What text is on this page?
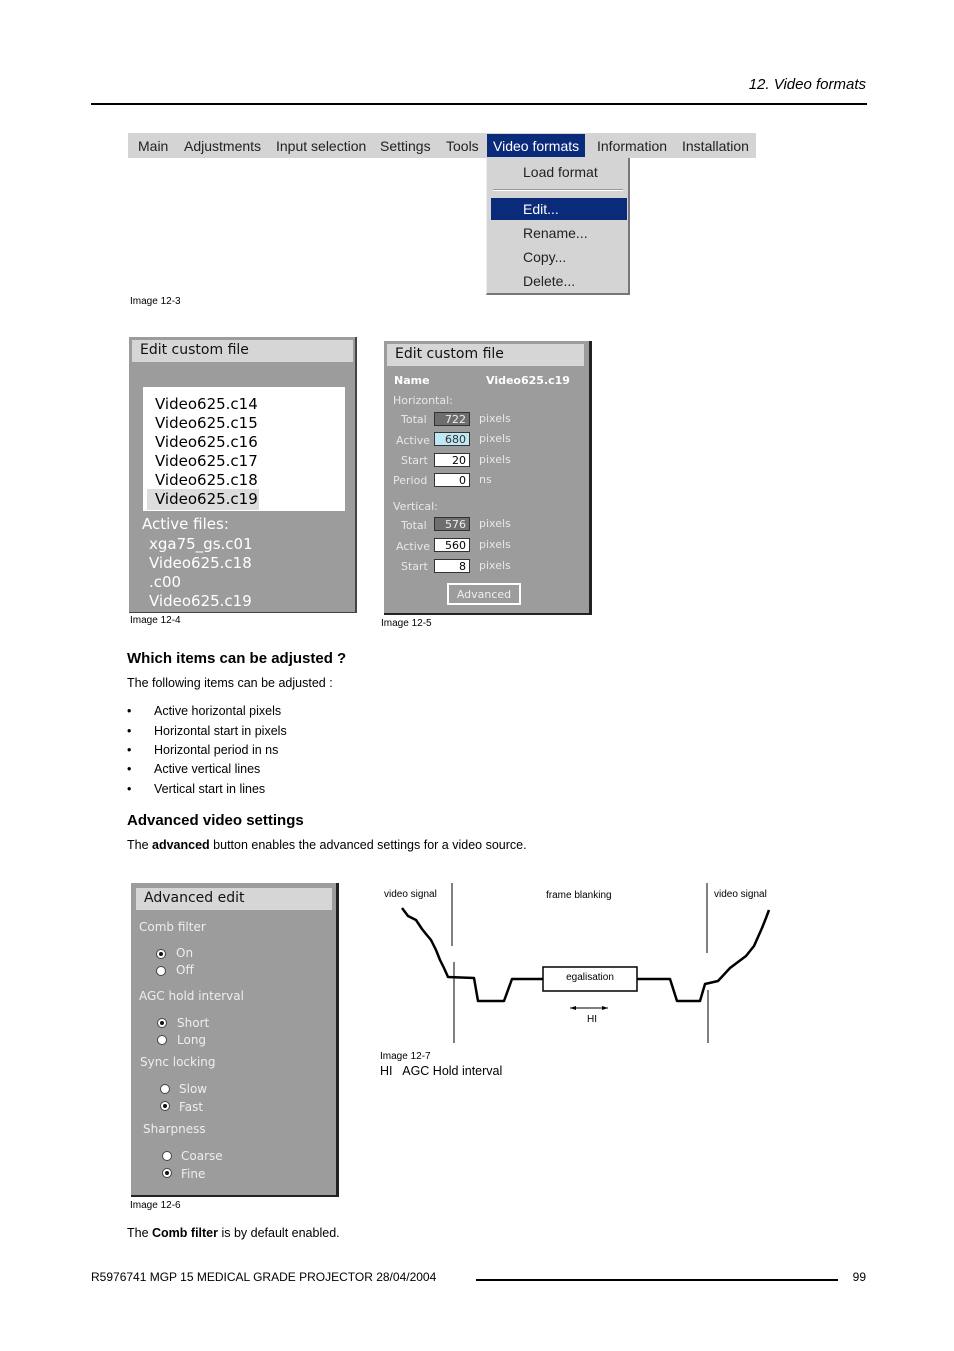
12. Video formats
Main Adjustments Input selection Settings Tools	Video formats	Information Installation
Load format
Edit...
Rename...
Copy...
Delete...
Image 12-3
Edit custom file
Video625.c14
Video625.c15
Video625.c16
Video625.c17
Video625.c18
Video625.c19
Active files:
xga75_gs.c01
Video625.c18
.c00
Video625.c19
Image 12-4
Edit custom file
Name	Video625.c19
Horizontal:
Total	722	pixels
Active	680	pixels
Start	20	pixels
Period	0	ns
Vertical:
Total	576	pixels
Active	560	pixels
Start	8	pixels
Advanced
Image 12-5
Which items can be adjusted ?
The following items can be adjusted :
• Active horizontal pixels
• Horizontal start in pixels
• Horizontal period in ns
• Active vertical lines
• Vertical start in lines
Advanced video settings
The advanced button enables the advanced settings for a video source.
Advanced edit
Comb filter
On
Off
AGC hold interval
Short
Long
Sync locking
Slow
Fast
Sharpness
Coarse
Fine
Image 12-6
video signal	frame blanking	video signal
egalisation
HI
Image 12-7
HI   AGC Hold interval
The Comb filter is by default enabled.
R5976741 MGP 15 MEDICAL GRADE PROJECTOR 28/04/2004	99
